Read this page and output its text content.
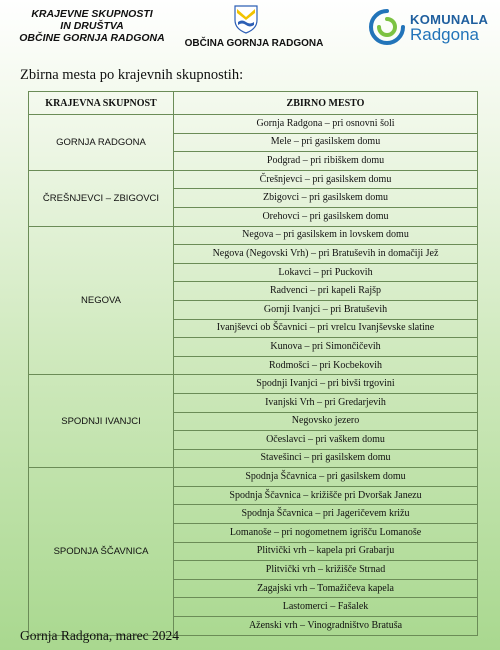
KRAJEVNE SKUPNOSTI
IN DRUŠTVA
OBČINE GORNJA RADGONA	OBČINA GORNJA RADGONA
KOMUNALA
Radgona
Zbirna mesta po krajevnih skupnostih:
KRAJEVNA SKUPNOST	ZBIRNO MESTO
GORNJA RADGONA	Gornja Radgona – pri osnovni šoli
	Mele – pri gasilskem domu
	Podgrad – pri ribiškem domu
ČREŠNJEVCI – ZBIGOVCI	Črešnjevci – pri gasilskem domu
	Zbigovci – pri gasilskem domu
	Orehovci – pri gasilskem domu
NEGOVA	Negova – pri gasilskem in lovskem domu
	Negova (Negovski Vrh) – pri Bratuševih in domačiji Jež
	Lokavci – pri Puckovih
	Radvenci – pri kapeli Rajšp
	Gornji Ivanjci – pri Bratuševih
	Ivanjševci ob Ščavnici – pri vrelcu Ivanjševske slatine
	Kunova – pri Simončičevih
	Rodmošci – pri Kocbekovih
SPODNJI IVANJCI	Spodnji Ivanjci – pri bivši trgovini
	Ivanjski Vrh – pri Gredarjevih
	Negovsko jezero
	Očeslavci – pri vaškem domu
	Stavešinci – pri gasilskem domu
SPODNJA ŠČAVNICA	Spodnja Ščavnica – pri gasilskem domu
	Spodnja Ščavnica – križišče pri Dvoršak Janezu
	Spodnja Ščavnica – pri Jageričevem križu
	Lomanoše – pri nogometnem igrišču Lomanoše
	Plitvički vrh – kapela pri Grabarju
	Plitvički vrh – križišče Strnad
	Zagajski vrh – Tomažičeva kapela
	Lastomerci – Fašalek
	Aženski vrh – Vinogradništvo Bratuša
Gornja Radgona, marec 2024
